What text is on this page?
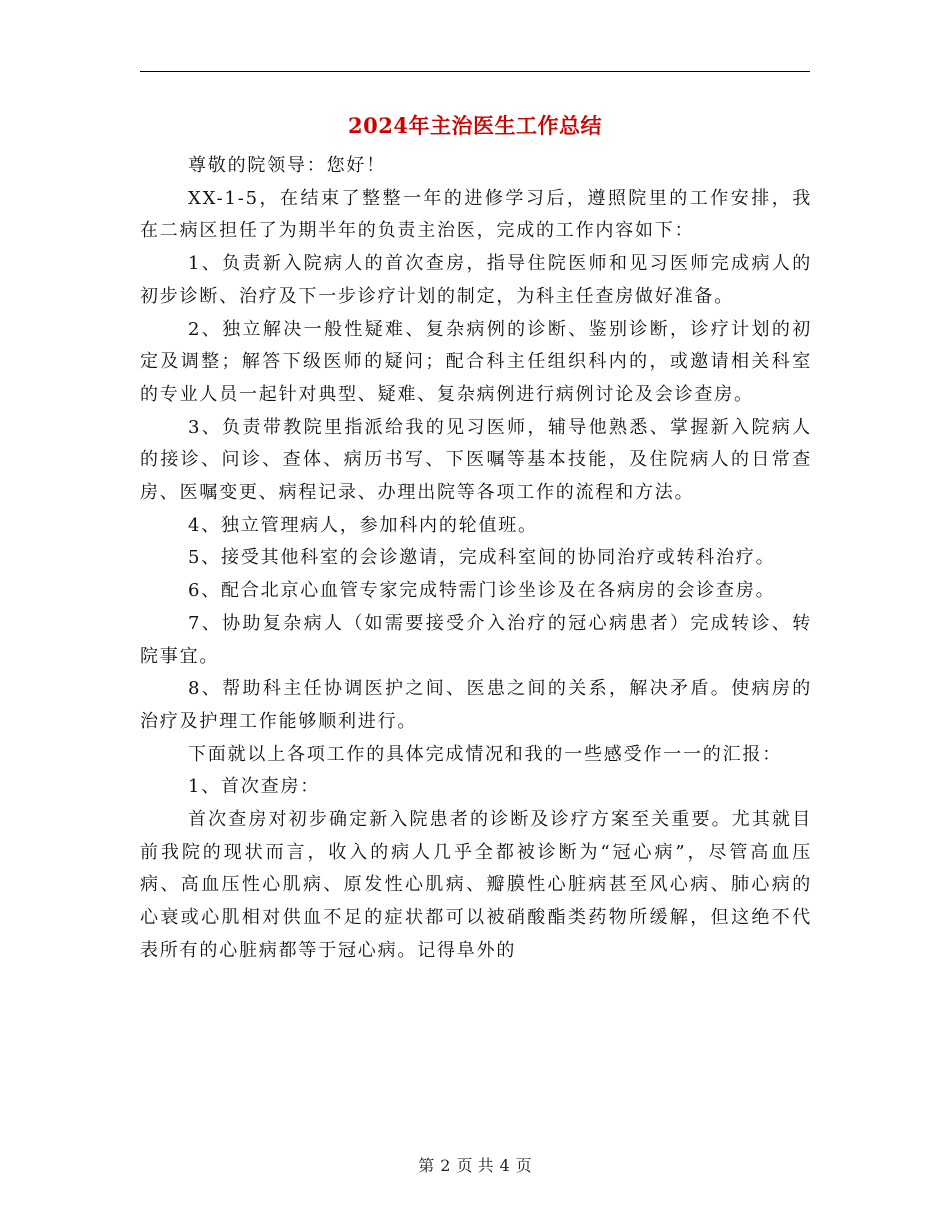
2024年主治医生工作总结

尊敬的院领导：您好！

XX-1-5，在结束了整整一年的进修学习后，遵照院里的工作安排，我在二病区担任了为期半年的负责主治医，完成的工作内容如下：

1、负责新入院病人的首次查房，指导住院医师和见习医师完成病人的初步诊断、治疗及下一步诊疗计划的制定，为科主任查房做好准备。

2、独立解决一般性疑难、复杂病例的诊断、鉴别诊断，诊疗计划的初定及调整；解答下级医师的疑问；配合科主任组织科内的，或邀请相关科室的专业人员一起针对典型、疑难、复杂病例进行病例讨论及会诊查房。

3、负责带教院里指派给我的见习医师，辅导他熟悉、掌握新入院病人的接诊、问诊、查体、病历书写、下医嘱等基本技能，及住院病人的日常查房、医嘱变更、病程记录、办理出院等各项工作的流程和方法。

4、独立管理病人，参加科内的轮值班。

5、接受其他科室的会诊邀请，完成科室间的协同治疗或转科治疗。

6、配合北京心血管专家完成特需门诊坐诊及在各病房的会诊查房。

7、协助复杂病人（如需要接受介入治疗的冠心病患者）完成转诊、转院事宜。

8、帮助科主任协调医护之间、医患之间的关系，解决矛盾。使病房的治疗及护理工作能够顺利进行。

下面就以上各项工作的具体完成情况和我的一些感受作一一的汇报：

1、首次查房：

首次查房对初步确定新入院患者的诊断及诊疗方案至关重要。尤其就目前我院的现状而言，收入的病人几乎全都被诊断为“冠心病”，尽管高血压病、高血压性心肌病、原发性心肌病、瓣膜性心脏病甚至风心病、肺心病的心衰或心肌相对供血不足的症状都可以被硝酸酯类药物所缓解，但这绝不代表所有的心脏病都等于冠心病。记得阜外的

第 2 页 共 4 页
